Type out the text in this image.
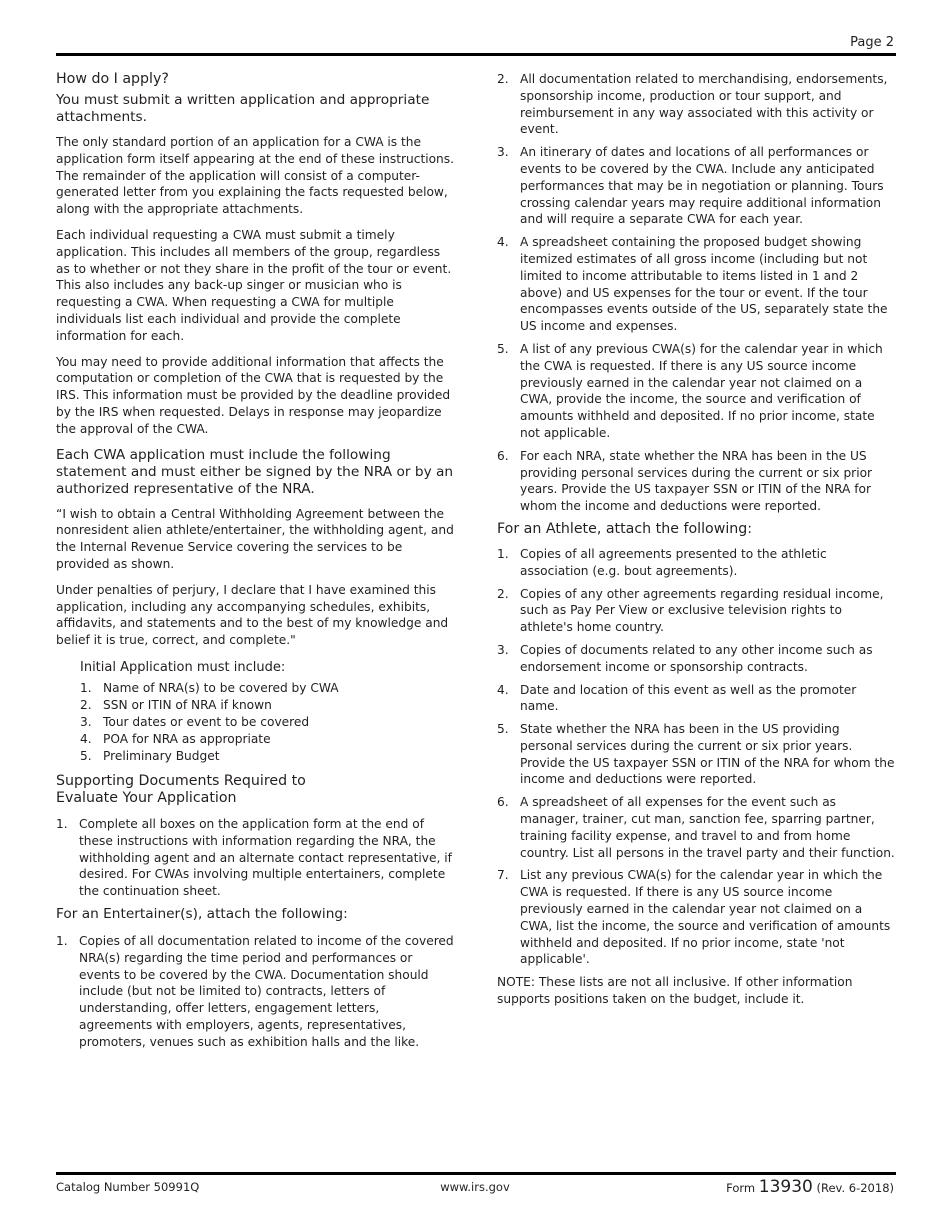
Page 2
How do I apply?
You must submit a written application and appropriate attachments.

The only standard portion of an application for a CWA is the application form itself appearing at the end of these instructions. The remainder of the application will consist of a computer-generated letter from you explaining the facts requested below, along with the appropriate attachments.

Each individual requesting a CWA must submit a timely application. This includes all members of the group, regardless as to whether or not they share in the profit of the tour or event. This also includes any back-up singer or musician who is requesting a CWA. When requesting a CWA for multiple individuals list each individual and provide the complete information for each.

You may need to provide additional information that affects the computation or completion of the CWA that is requested by the IRS. This information must be provided by the deadline provided by the IRS when requested. Delays in response may jeopardize the approval of the CWA.

Each CWA application must include the following statement and must either be signed by the NRA or by an authorized representative of the NRA.

“I wish to obtain a Central Withholding Agreement between the nonresident alien athlete/entertainer, the withholding agent, and the Internal Revenue Service covering the services to be provided as shown.

Under penalties of perjury, I declare that I have examined this application, including any accompanying schedules, exhibits, affidavits, and statements and to the best of my knowledge and belief it is true, correct, and complete."

Initial Application must include:
1. Name of NRA(s) to be covered by CWA
2. SSN or ITIN of NRA if known
3. Tour dates or event to be covered
4. POA for NRA as appropriate
5. Preliminary Budget
Supporting Documents Required to Evaluate Your Application
1. Complete all boxes on the application form at the end of these instructions with information regarding the NRA, the withholding agent and an alternate contact representative, if desired. For CWAs involving multiple entertainers, complete the continuation sheet.
For an Entertainer(s), attach the following:
1. Copies of all documentation related to income of the covered NRA(s) regarding the time period and performances or events to be covered by the CWA. Documentation should include (but not be limited to) contracts, letters of understanding, offer letters, engagement letters, agreements with employers, agents, representatives, promoters, venues such as exhibition halls and the like.
2. All documentation related to merchandising, endorsements, sponsorship income, production or tour support, and reimbursement in any way associated with this activity or event.
3. An itinerary of dates and locations of all performances or events to be covered by the CWA. Include any anticipated performances that may be in negotiation or planning. Tours crossing calendar years may require additional information and will require a separate CWA for each year.
4. A spreadsheet containing the proposed budget showing itemized estimates of all gross income (including but not limited to income attributable to items listed in 1 and 2 above) and US expenses for the tour or event. If the tour encompasses events outside of the US, separately state the US income and expenses.
5. A list of any previous CWA(s) for the calendar year in which the CWA is requested. If there is any US source income previously earned in the calendar year not claimed on a CWA, provide the income, the source and verification of amounts withheld and deposited. If no prior income, state not applicable.
6. For each NRA, state whether the NRA has been in the US providing personal services during the current or six prior years. Provide the US taxpayer SSN or ITIN of the NRA for whom the income and deductions were reported.
For an Athlete, attach the following:
1. Copies of all agreements presented to the athletic association (e.g. bout agreements).
2. Copies of any other agreements regarding residual income, such as Pay Per View or exclusive television rights to athlete's home country.
3. Copies of documents related to any other income such as endorsement income or sponsorship contracts.
4. Date and location of this event as well as the promoter name.
5. State whether the NRA has been in the US providing personal services during the current or six prior years. Provide the US taxpayer SSN or ITIN of the NRA for whom the income and deductions were reported.
6. A spreadsheet of all expenses for the event such as manager, trainer, cut man, sanction fee, sparring partner, training facility expense, and travel to and from home country. List all persons in the travel party and their function.
7. List any previous CWA(s) for the calendar year in which the CWA is requested. If there is any US source income previously earned in the calendar year not claimed on a CWA, list the income, the source and verification of amounts withheld and deposited. If no prior income, state 'not applicable'.

NOTE: These lists are not all inclusive. If other information supports positions taken on the budget, include it.

Catalog Number 50991Q	www.irs.gov	Form 13930 (Rev. 6-2018)
